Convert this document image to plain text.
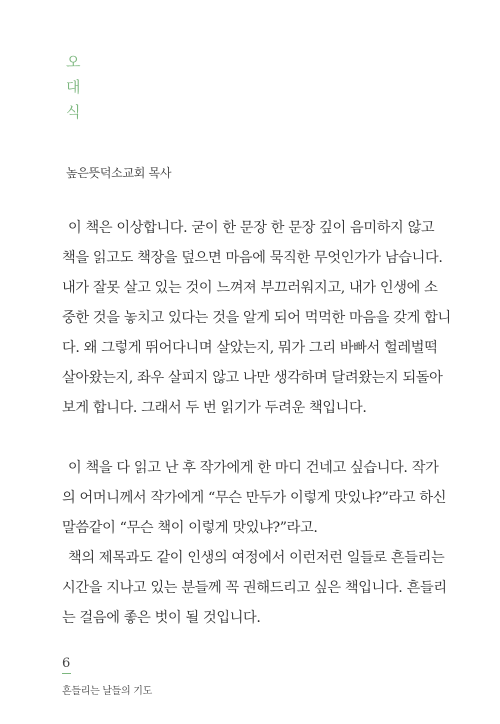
오
대
식
높은뜻덕소교회 목사
이 책은 이상합니다. 굳이 한 문장 한 문장 깊이 음미하지 않고
책을 읽고도 책장을 덮으면 마음에 묵직한 무엇인가가 남습니다.
내가 잘못 살고 있는 것이 느껴져 부끄러워지고, 내가 인생에 소
중한 것을 놓치고 있다는 것을 알게 되어 먹먹한 마음을 갖게 합니
다. 왜 그렇게 뛰어다니며 살았는지, 뭐가 그리 바빠서 헐레벌떡
살아왔는지, 좌우 살피지 않고 나만 생각하며 달려왔는지 되돌아
보게 합니다. 그래서 두 번 읽기가 두려운 책입니다.
이 책을 다 읽고 난 후 작가에게 한 마디 건네고 싶습니다. 작가
의 어머니께서 작가에게 “무슨 만두가 이렇게 맛있냐?”라고 하신
말씀같이 “무슨 책이 이렇게 맛있냐?”라고.
책의 제목과도 같이 인생의 여정에서 이런저런 일들로 흔들리는
시간을 지나고 있는 분들께 꼭 권해드리고 싶은 책입니다. 흔들리
는 걸음에 좋은 벗이 될 것입니다.
6
흔들리는 날들의 기도
